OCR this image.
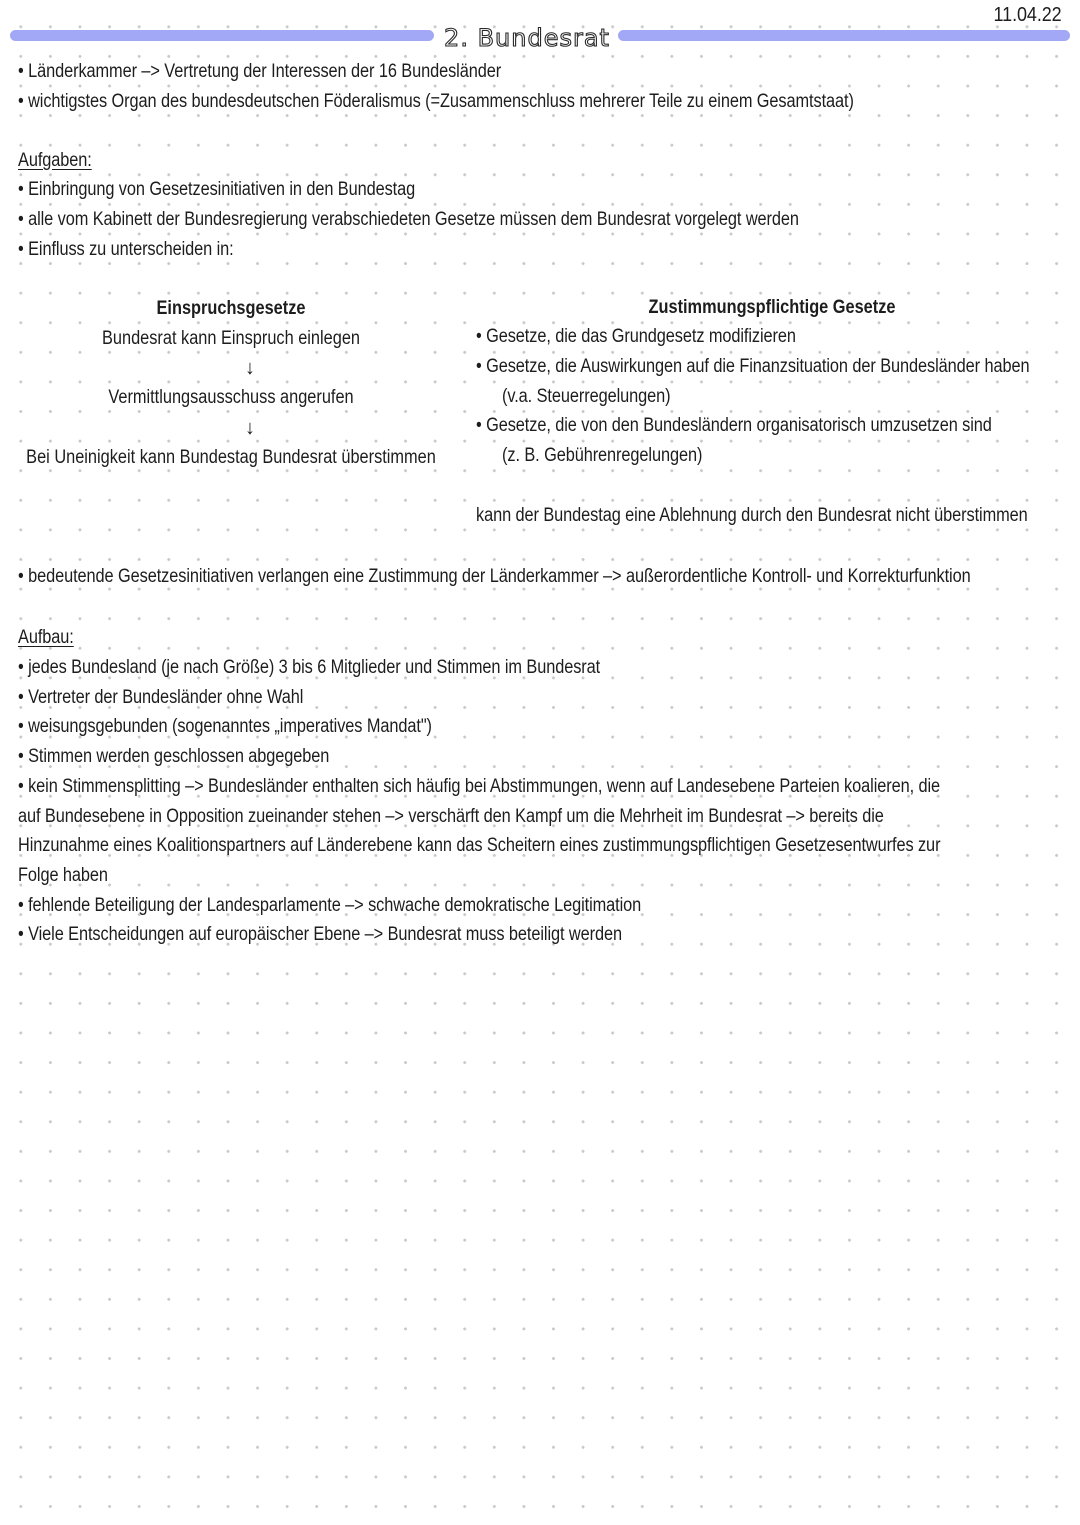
11.04.22
2. Bundesrat
• Länderkammer –> Vertretung der Interessen der 16 Bundesländer
• wichtigstes Organ des bundesdeutschen Föderalismus (=Zusammenschluss mehrerer Teile zu einem Gesamtstaat)
Aufgaben:
• Einbringung von Gesetzesinitiativen in den Bundestag
• alle vom Kabinett der Bundesregierung verabschiedeten Gesetze müssen dem Bundesrat vorgelegt werden
• Einfluss zu unterscheiden in:
Einspruchsgesetze
Bundesrat kann Einspruch einlegen
↓
Vermittlungsausschuss angerufen
↓
Bei Uneinigkeit kann Bundestag Bundesrat überstimmen
Zustimmungspflichtige Gesetze
• Gesetze, die das Grundgesetz modifizieren
• Gesetze, die Auswirkungen auf die Finanzsituation der Bundesländer haben
(v.a. Steuerregelungen)
• Gesetze, die von den Bundesländern organisatorisch umzusetzen sind
(z. B. Gebührenregelungen)
kann der Bundestag eine Ablehnung durch den Bundesrat nicht überstimmen
• bedeutende Gesetzesinitiativen verlangen eine Zustimmung der Länderkammer –> außerordentliche Kontroll- und Korrekturfunktion
Aufbau:
• jedes Bundesland (je nach Größe) 3 bis 6 Mitglieder und Stimmen im Bundesrat
• Vertreter der Bundesländer ohne Wahl
• weisungsgebunden (sogenanntes „imperatives Mandat")
• Stimmen werden geschlossen abgegeben
• kein Stimmensplitting –> Bundesländer enthalten sich häufig bei Abstimmungen, wenn auf Landesebene Parteien koalieren, die
auf Bundesebene in Opposition zueinander stehen –> verschärft den Kampf um die Mehrheit im Bundesrat –> bereits die
Hinzunahme eines Koalitionspartners auf Länderebene kann das Scheitern eines zustimmungspflichtigen Gesetzesentwurfes zur
Folge haben
• fehlende Beteiligung der Landesparlamente –> schwache demokratische Legitimation
• Viele Entscheidungen auf europäischer Ebene –> Bundesrat muss beteiligt werden
